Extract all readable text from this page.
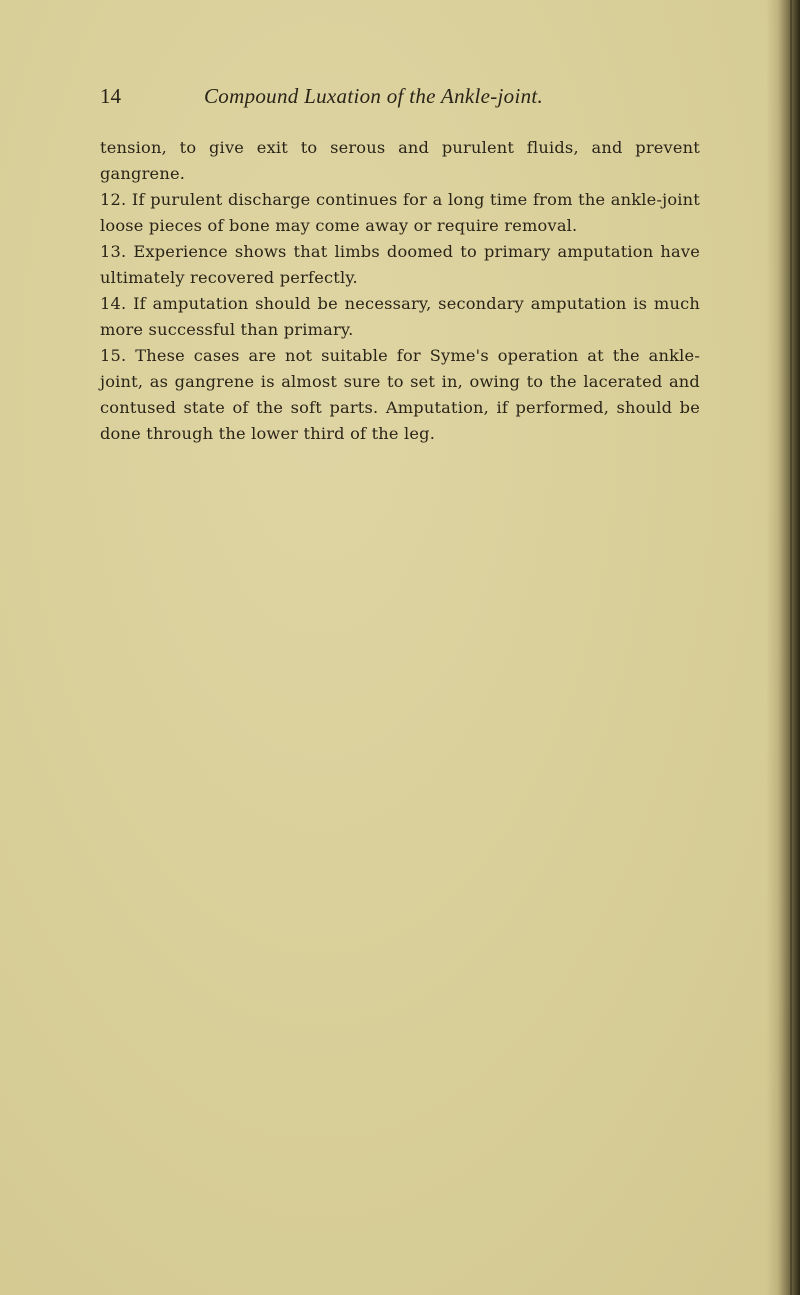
14	Compound Luxation of the Ankle-joint.

tension, to give exit to serous and purulent fluids, and prevent gangrene.

12. If purulent discharge continues for a long time from the ankle-joint loose pieces of bone may come away or require removal.

13. Experience shows that limbs doomed to primary amputation have ultimately recovered perfectly.

14. If amputation should be necessary, secondary amputation is much more successful than primary.

15. These cases are not suitable for Syme's operation at the ankle-joint, as gangrene is almost sure to set in, owing to the lacerated and contused state of the soft parts. Amputation, if performed, should be done through the lower third of the leg.
